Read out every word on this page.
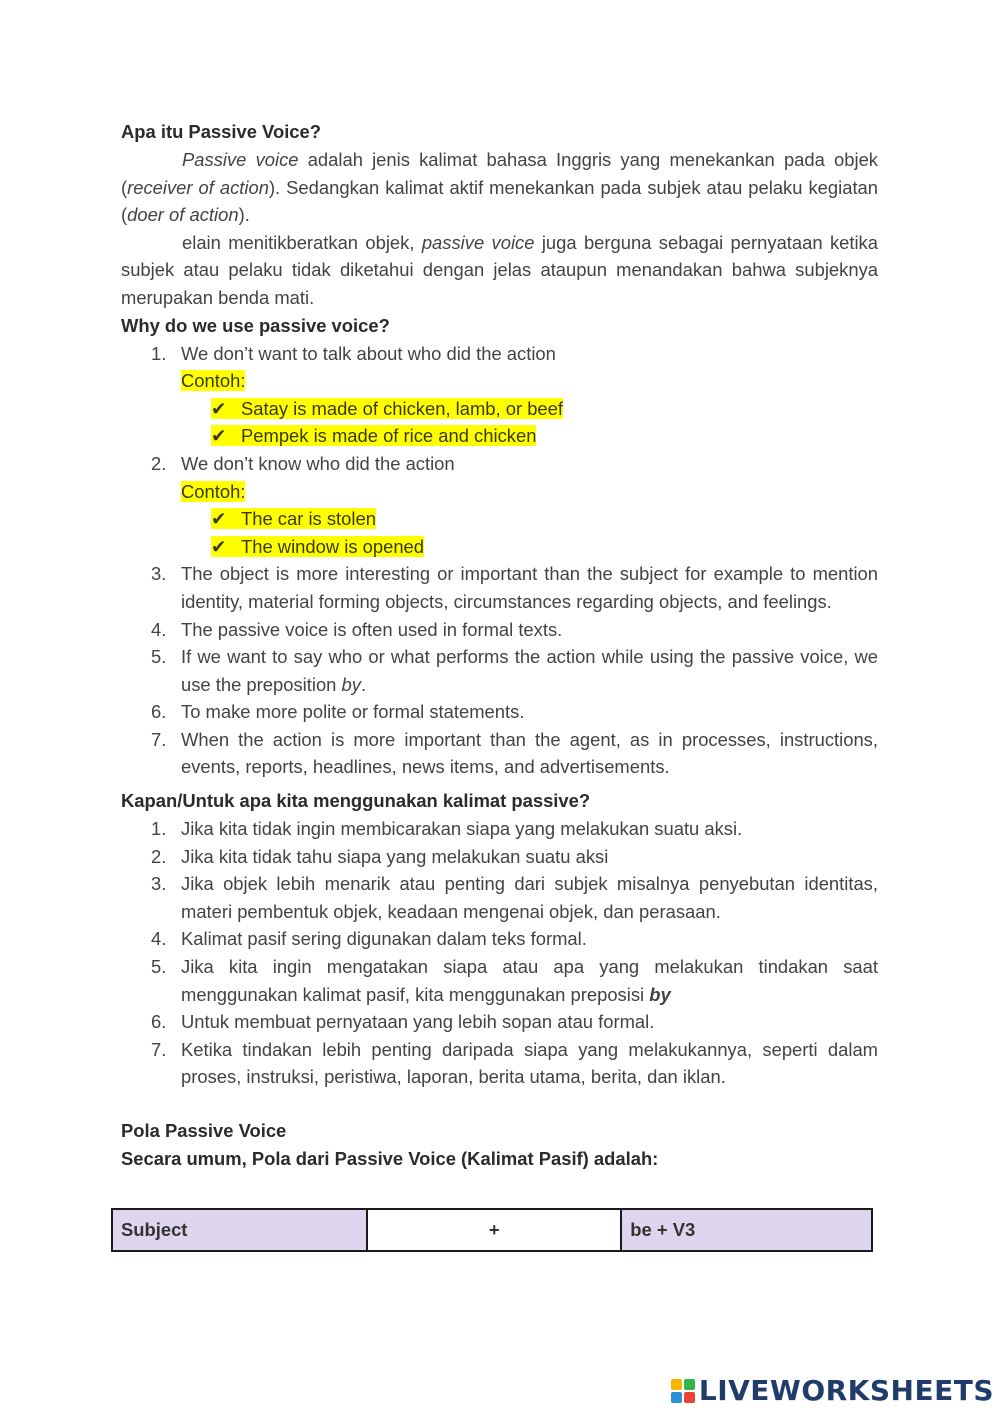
Apa itu Passive Voice?
Passive voice adalah jenis kalimat bahasa Inggris yang menekankan pada objek (receiver of action). Sedangkan kalimat aktif menekankan pada subjek atau pelaku kegiatan (doer of action).
elain menitikberatkan objek, passive voice juga berguna sebagai pernyataan ketika subjek atau pelaku tidak diketahui dengan jelas ataupun menandakan bahwa subjeknya merupakan benda mati.
Why do we use passive voice?
1. We don’t want to talk about who did the action
Contoh:
✔ Satay is made of chicken, lamb, or beef
✔ Pempek is made of rice and chicken
2. We don’t know who did the action
Contoh:
✔ The car is stolen
✔ The window is opened
3. The object is more interesting or important than the subject for example to mention identity, material forming objects, circumstances regarding objects, and feelings.
4. The passive voice is often used in formal texts.
5. If we want to say who or what performs the action while using the passive voice, we use the preposition by.
6. To make more polite or formal statements.
7. When the action is more important than the agent, as in processes, instructions, events, reports, headlines, news items, and advertisements.
Kapan/Untuk apa kita menggunakan kalimat passive?
1. Jika kita tidak ingin membicarakan siapa yang melakukan suatu aksi.
2. Jika kita tidak tahu siapa yang melakukan suatu aksi
3. Jika objek lebih menarik atau penting dari subjek misalnya penyebutan identitas, materi pembentuk objek, keadaan mengenai objek, dan perasaan.
4. Kalimat pasif sering digunakan dalam teks formal.
5. Jika kita ingin mengatakan siapa atau apa yang melakukan tindakan saat menggunakan kalimat pasif, kita menggunakan preposisi by
6. Untuk membuat pernyataan yang lebih sopan atau formal.
7. Ketika tindakan lebih penting daripada siapa yang melakukannya, seperti dalam proses, instruksi, peristiwa, laporan, berita utama, berita, dan iklan.
Pola Passive Voice
Secara umum, Pola dari Passive Voice (Kalimat Pasif) adalah:
Subject	+	be + V3
LIVEWORKSHEETS
